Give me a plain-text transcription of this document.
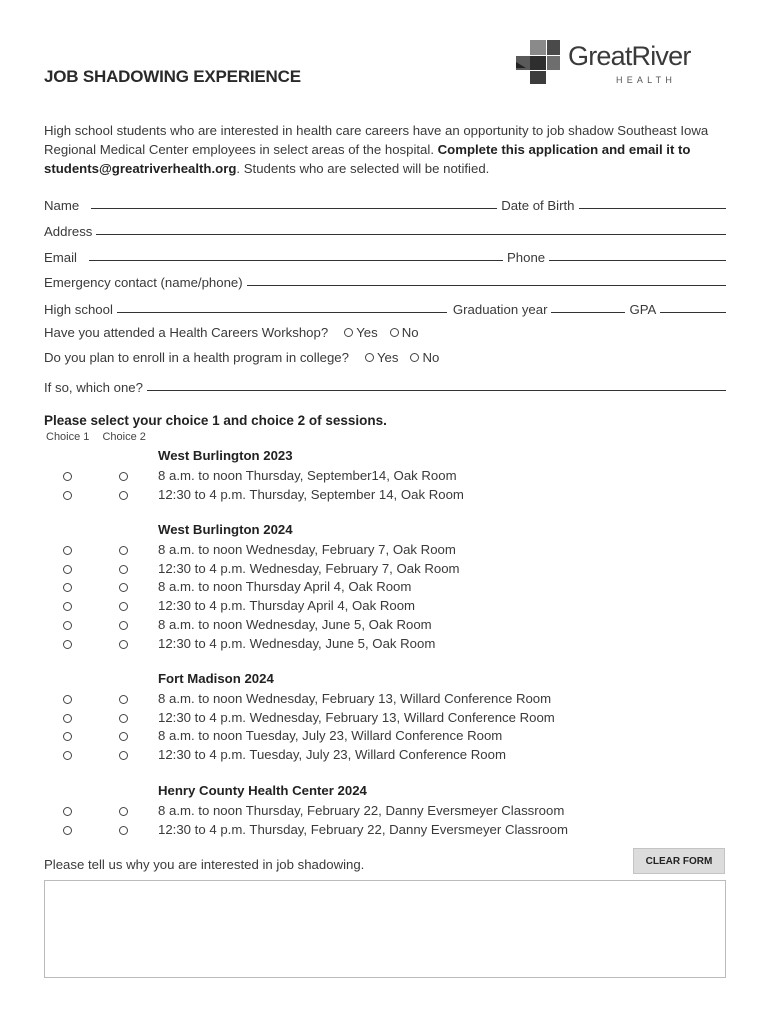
JOB SHADOWING EXPERIENCE
GreatRiver
HEALTH
High school students who are interested in health care careers have an opportunity to job shadow Southeast Iowa Regional Medical Center employees in select areas of the hospital. Complete this application and email it to students@greatriverhealth.org. Students who are selected will be notified.
Name	Date of Birth
Address
Email	Phone
Emergency contact (name/phone)
High school	Graduation year	GPA
Have you attended a Health Careers Workshop? Yes No
Do you plan to enroll in a health program in college? Yes No
If so, which one?
Please select your choice 1 and choice 2 of sessions.
Choice 1 Choice 2
West Burlington 2023
8 a.m. to noon Thursday, September14, Oak Room
12:30 to 4 p.m. Thursday, September 14, Oak Room
West Burlington 2024
8 a.m. to noon Wednesday, February 7, Oak Room
12:30 to 4 p.m. Wednesday, February 7, Oak Room
8 a.m. to noon Thursday April 4, Oak Room
12:30 to 4 p.m. Thursday April 4, Oak Room
8 a.m. to noon Wednesday, June 5, Oak Room
12:30 to 4 p.m. Wednesday, June 5, Oak Room
Fort Madison 2024
8 a.m. to noon Wednesday, February 13, Willard Conference Room
12:30 to 4 p.m. Wednesday, February 13, Willard Conference Room
8 a.m. to noon Tuesday, July 23, Willard Conference Room
12:30 to 4 p.m. Tuesday, July 23, Willard Conference Room
Henry County Health Center 2024
8 a.m. to noon Thursday, February 22, Danny Eversmeyer Classroom
12:30 to 4 p.m. Thursday, February 22, Danny Eversmeyer Classroom
Please tell us why you are interested in job shadowing.	CLEAR FORM
